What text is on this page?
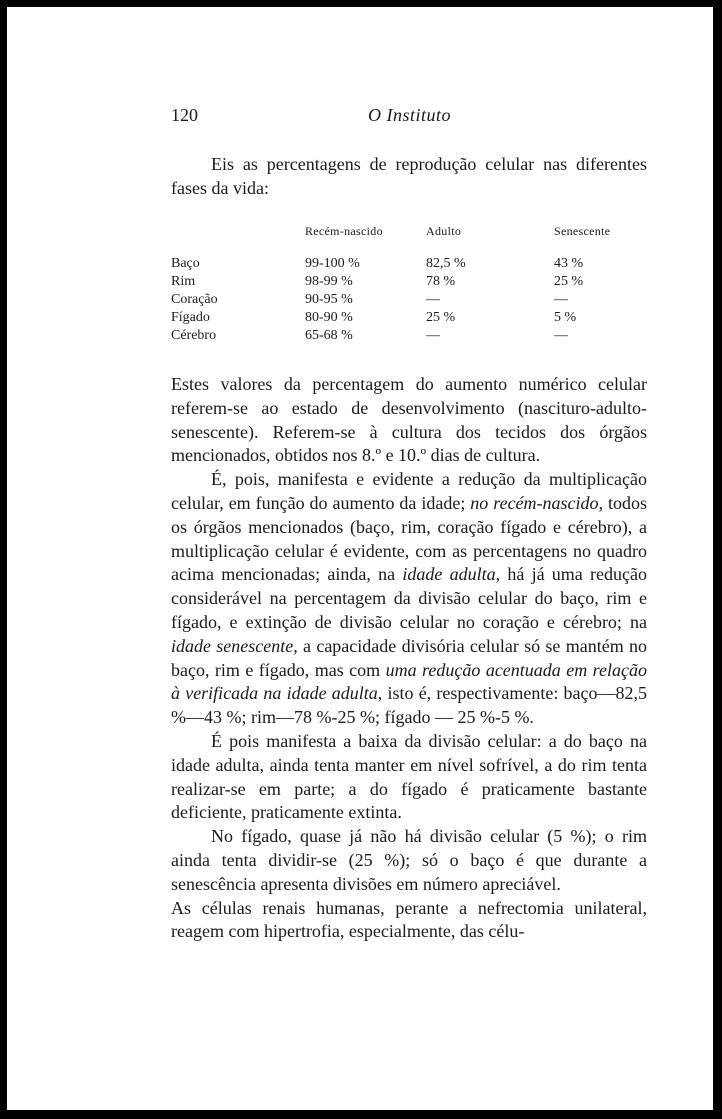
120	O Instituto

Eis as percentagens de reprodução celular nas diferentes fases da vida:

	Recém-nascido	Adulto	Senescente
Baço	99-100 %	82,5 %	43 %
Rim	98-99 %	78 %	25 %
Coração	90-95 %	—	—
Fígado	80-90 %	25 %	5 %
Cérebro	65-68 %	—	—

Estes valores da percentagem do aumento numérico celular referem-se ao estado de desenvolvimento (nascituro-adulto-senescente). Referem-se à cultura dos tecidos dos órgãos mencionados, obtidos nos 8.º e 10.º dias de cultura.

É, pois, manifesta e evidente a redução da multiplicação celular, em função do aumento da idade; no recém-nascido, todos os órgãos mencionados (baço, rim, coração fígado e cérebro), a multiplicação celular é evidente, com as percentagens no quadro acima mencionadas; ainda, na idade adulta, há já uma redução considerável na percentagem da divisão celular do baço, rim e fígado, e extinção de divisão celular no coração e cérebro; na idade senescente, a capacidade divisória celular só se mantém no baço, rim e fígado, mas com uma redução acentuada em relação à verificada na idade adulta, isto é, respectivamente: baço—82,5 %—43 %; rim—78 %-25 %; fígado — 25 %-5 %.

É pois manifesta a baixa da divisão celular: a do baço na idade adulta, ainda tenta manter em nível sofrível, a do rim tenta realizar-se em parte; a do fígado é praticamente bastante deficiente, praticamente extinta.

No fígado, quase já não há divisão celular (5 %); o rim ainda tenta dividir-se (25 %); só o baço é que durante a senescência apresenta divisões em número apreciável.

As células renais humanas, perante a nefrectomia unilateral, reagem com hipertrofia, especialmente, das célu-
